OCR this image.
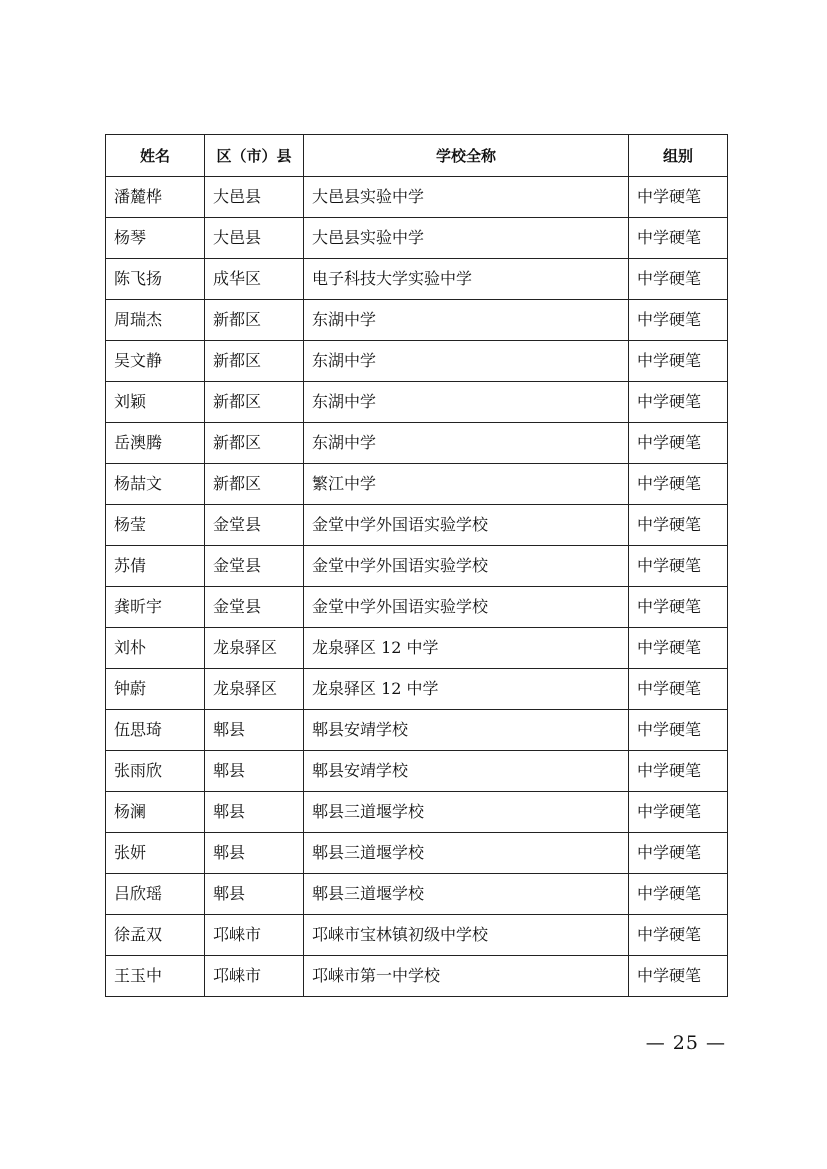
姓名	区（市）县	学校全称	组别
潘麓桦	大邑县	大邑县实验中学	中学硬笔
杨琴	大邑县	大邑县实验中学	中学硬笔
陈飞扬	成华区	电子科技大学实验中学	中学硬笔
周瑞杰	新都区	东湖中学	中学硬笔
吴文静	新都区	东湖中学	中学硬笔
刘颖	新都区	东湖中学	中学硬笔
岳澳腾	新都区	东湖中学	中学硬笔
杨喆文	新都区	繁江中学	中学硬笔
杨莹	金堂县	金堂中学外国语实验学校	中学硬笔
苏倩	金堂县	金堂中学外国语实验学校	中学硬笔
龚昕宇	金堂县	金堂中学外国语实验学校	中学硬笔
刘朴	龙泉驿区	龙泉驿区 12 中学	中学硬笔
钟蔚	龙泉驿区	龙泉驿区 12 中学	中学硬笔
伍思琦	郫县	郫县安靖学校	中学硬笔
张雨欣	郫县	郫县安靖学校	中学硬笔
杨澜	郫县	郫县三道堰学校	中学硬笔
张妍	郫县	郫县三道堰学校	中学硬笔
吕欣瑶	郫县	郫县三道堰学校	中学硬笔
徐孟双	邛崃市	邛崃市宝林镇初级中学校	中学硬笔
王玉中	邛崃市	邛崃市第一中学校	中学硬笔
— 25 —
